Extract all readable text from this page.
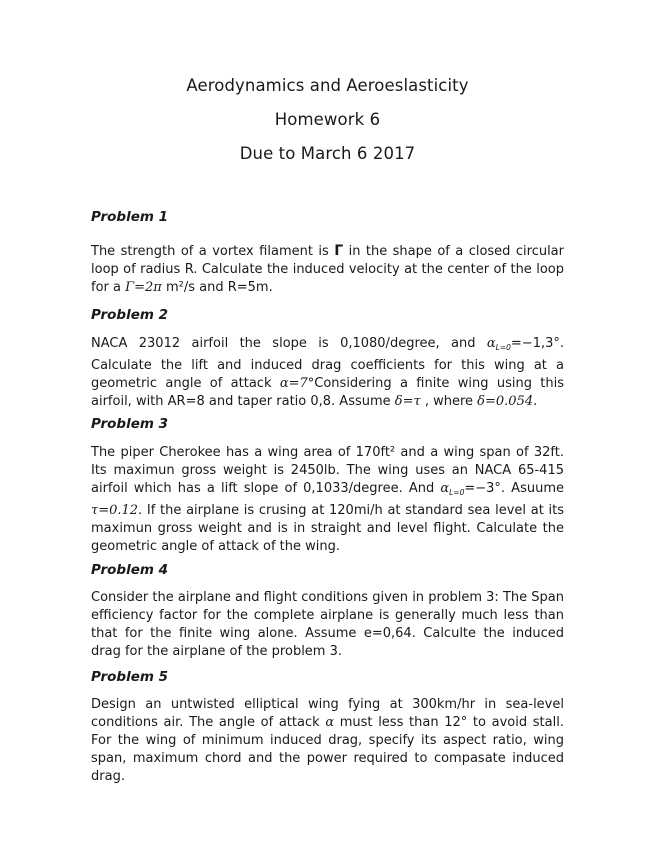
Aerodynamics and Aeroeslasticity
Homework 6
Due to March 6 2017
Problem 1
The strength of a vortex filament is Γ in the shape of a closed circular loop of radius R. Calculate the induced velocity at the center of the loop for a Γ=2π m²/s and R=5m.
Problem 2
NACA 23012 airfoil the slope is 0,1080/degree, and $\alpha_{L=0}=-1,3^\circ$. Calculate the lift and induced drag coefficients for this wing at a geometric angle of attack α=7°Considering a finite wing using this airfoil, with AR=8 and taper ratio 0,8. Assume δ=τ , where δ=0.054.
Problem 3
The piper Cherokee has a wing area of 170ft² and a wing span of 32ft. Its maximun gross weight is 2450lb. The wing uses an NACA 65-415 airfoil which has a lift slope of 0,1033/degree. And $\alpha_{L=0}=-3^\circ$. Asuume τ=0.12. If the airplane is crusing at 120mi/h at standard sea level at its maximun gross weight and is in straight and level flight. Calculate the geometric angle of attack of the wing.
Problem 4
Consider the airplane and flight conditions given in problem 3: The Span efficiency factor for the complete airplane is generally much less than that for the finite wing alone. Assume e=0,64. Calculte the induced drag for the airplane of the problem 3.
Problem 5
Design an untwisted elliptical wing fying at 300km/hr in sea-level conditions air. The angle of attack α must less than 12° to avoid stall. For the wing of minimum induced drag, specify its aspect ratio, wing span, maximum chord and the power required to compasate induced drag.
